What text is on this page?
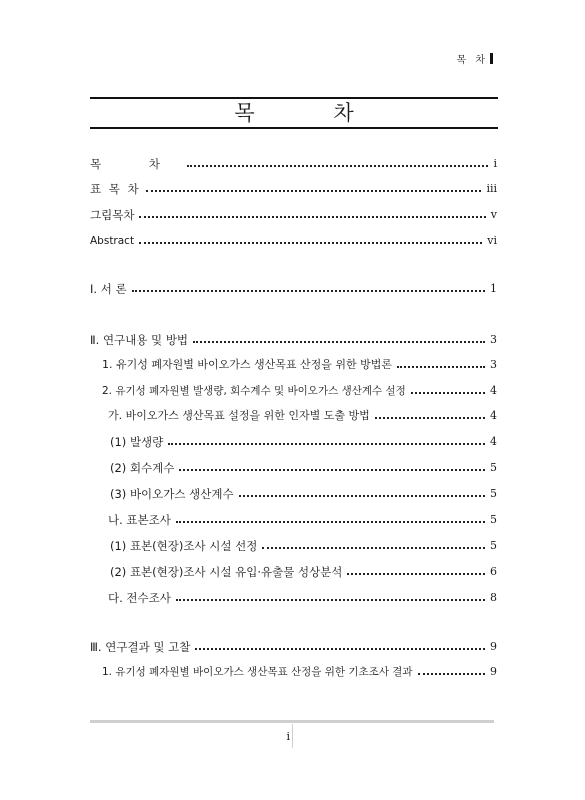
목 차
목 차
목 차	i
표 목 차	iii
그림목차	v
Abstract	vi
Ⅰ. 서 론	1
Ⅱ. 연구내용 및 방법	3
1. 유기성 폐자원별 바이오가스 생산목표 산정을 위한 방법론	3
2. 유기성 폐자원별 발생량, 회수계수 및 바이오가스 생산계수 설정	4
가. 바이오가스 생산목표 설정을 위한 인자별 도출 방법	4
(1) 발생량	4
(2) 회수계수	5
(3) 바이오가스 생산계수	5
나. 표본조사	5
(1) 표본(현장)조사 시설 선정	5
(2) 표본(현장)조사 시설 유입·유출물 성상분석	6
다. 전수조사	8
Ⅲ. 연구결과 및 고찰	9
1. 유기성 폐자원별 바이오가스 생산목표 산정을 위한 기초조사 결과	9
i
